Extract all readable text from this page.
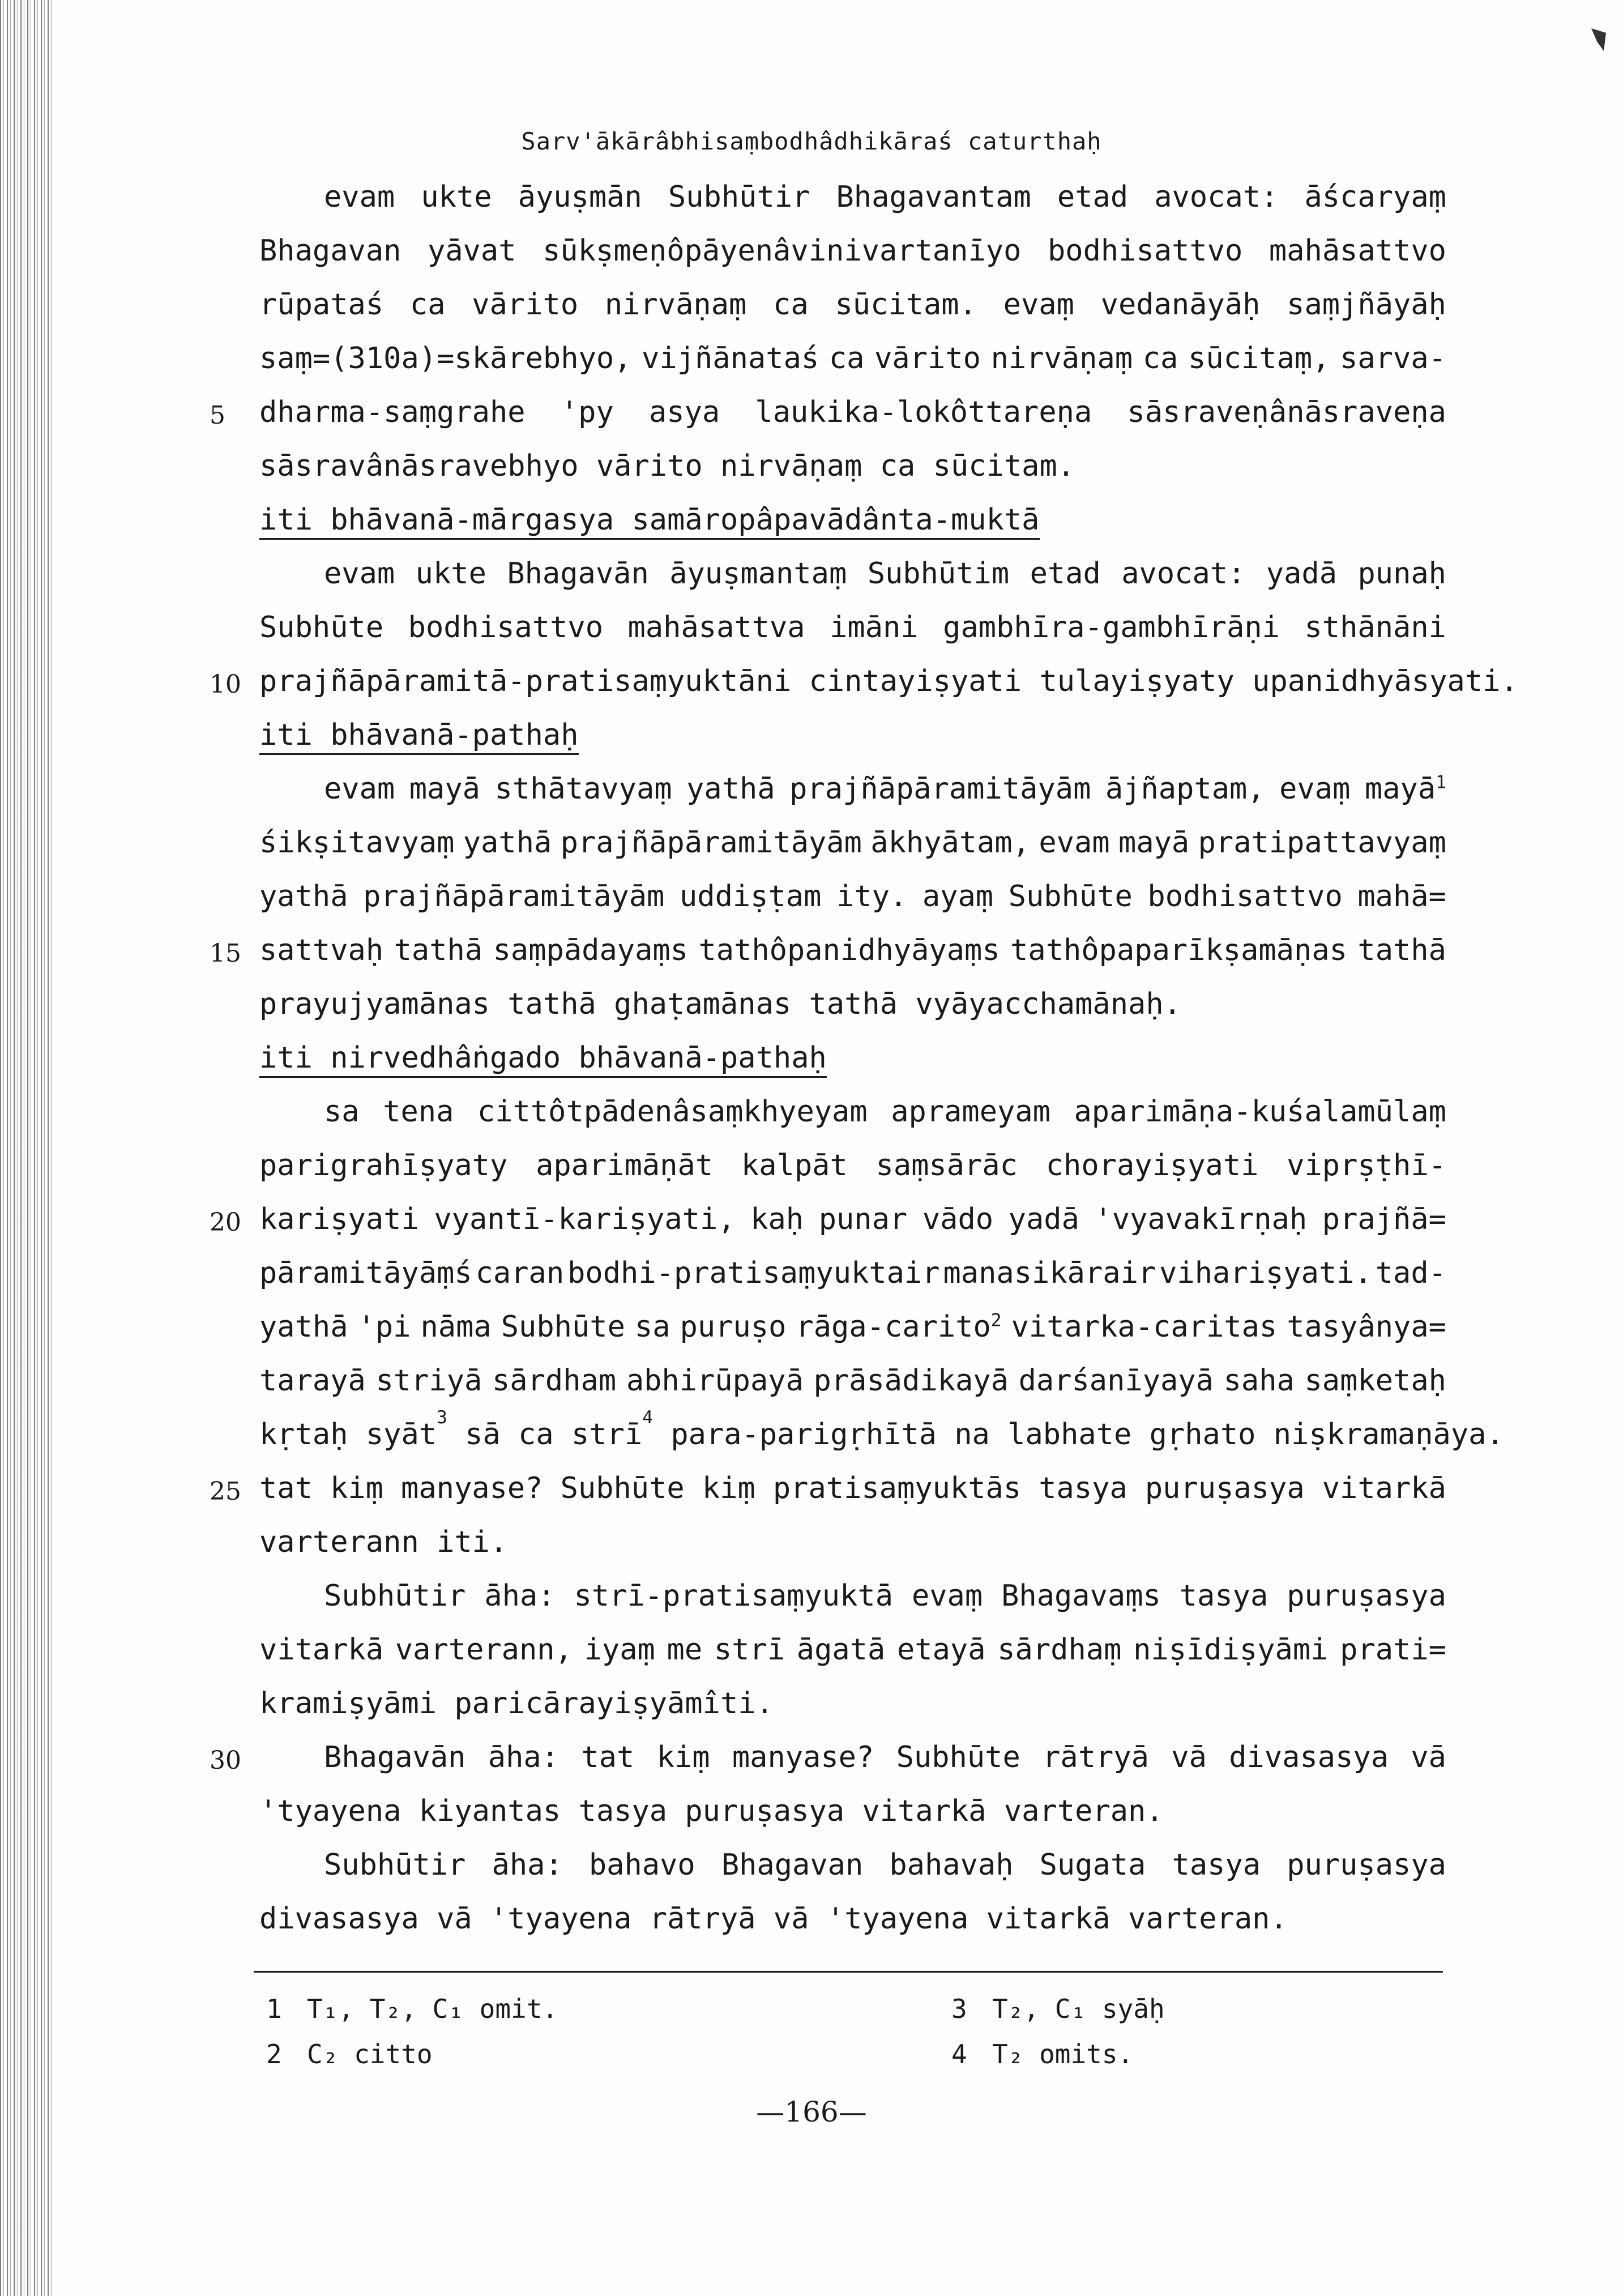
Sarv'ākārâbhisaṃbodhâdhikāraś caturthaḥ
evam ukte āyuṣmān Subhūtir Bhagavantam etad avocat: āścaryaṃ
Bhagavan yāvat sūkṣmeṇôpāyenâvinivartanīyo bodhisattvo mahāsattvo
rūpataś ca vārito nirvāṇaṃ ca sūcitam. evaṃ vedanāyāḥ saṃjñāyāḥ
saṃ=(310a)=skārebhyo, vijñānataś ca vārito nirvāṇaṃ ca sūcitaṃ, sarva-
5	dharma-saṃgrahe 'py asya laukika-lokôttareṇa sāsraveṇânāsraveṇa
sāsravânāsravebhyo vārito nirvāṇaṃ ca sūcitam.
iti bhāvanā-mārgasya samāropâpavādânta-muktā
evam ukte Bhagavān āyuṣmantaṃ Subhūtim etad avocat: yadā punaḥ
Subhūte bodhisattvo mahāsattva imāni gambhīra-gambhīrāṇi sthānāni
10 prajñāpāramitā-pratisaṃyuktāni cintayiṣyati tulayiṣyaty upanidhyāsyati.
iti bhāvanā-pathaḥ
evam mayā sthātavyaṃ yathā prajñāpāramitāyām ājñaptam, evaṃ mayā$^1$
śikṣitavyaṃ yathā prajñāpāramitāyām ākhyātam, evam mayā pratipattavyaṃ
yathā prajñāpāramitāyām uddiṣṭam ity. ayaṃ Subhūte bodhisattvo mahā=
15 sattvaḥ tathā saṃpādayaṃs tathôpanidhyāyaṃs tathôpaparīkṣamāṇas tathā
prayujyamānas tathā ghaṭamānas tathā vyāyacchamānaḥ.
iti nirvedhâṅgado bhāvanā-pathaḥ
sa tena cittôtpādenâsaṃkhyeyam aprameyam aparimāṇa-kuśalamūlaṃ
parigrahīṣyaty aparimāṇāt kalpāt saṃsārāc chorayiṣyati viprṣṭhī-
20 kariṣyati vyantī-kariṣyati, kaḥ punar vādo yadā 'vyavakīrṇaḥ prajñā=
pāramitāyāṃś caran bodhi-pratisaṃyuktair manasikārair vihariṣyati. tad-
yathā 'pi nāma Subhūte sa puruṣo rāga-carito$^2$ vitarka-caritas tasyânya=
tarayā striyā sārdham abhirūpayā prāsādikayā darśanīyayā saha saṃketaḥ
kṛtaḥ syāt 3
sā ca strī 4
para-parigṛhītā na labhate gṛhato niṣkramaṇāya.
25 tat kiṃ manyase? Subhūte kiṃ pratisaṃyuktās tasya puruṣasya vitarkā
varterann iti.
Subhūtir āha: strī-pratisaṃyuktā evaṃ Bhagavaṃs tasya puruṣasya
vitarkā varterann, iyaṃ me strī āgatā etayā sārdhaṃ niṣīdiṣyāmi prati=
kramiṣyāmi paricārayiṣyāmîti.
30	Bhagavān āha: tat kiṃ manyase? Subhūte rātryā vā divasasya vā
'tyayena kiyantas tasya puruṣasya vitarkā varteran.
Subhūtir āha: bahavo Bhagavan bahavaḥ Sugata tasya puruṣasya
divasasya vā 'tyayena rātryā vā 'tyayena vitarkā varteran.
1 T₁, T₂, C₁ omit.
2 C₂ citto
3 T₂, C₁ syāḥ
4 T₂ omits.
—166—
